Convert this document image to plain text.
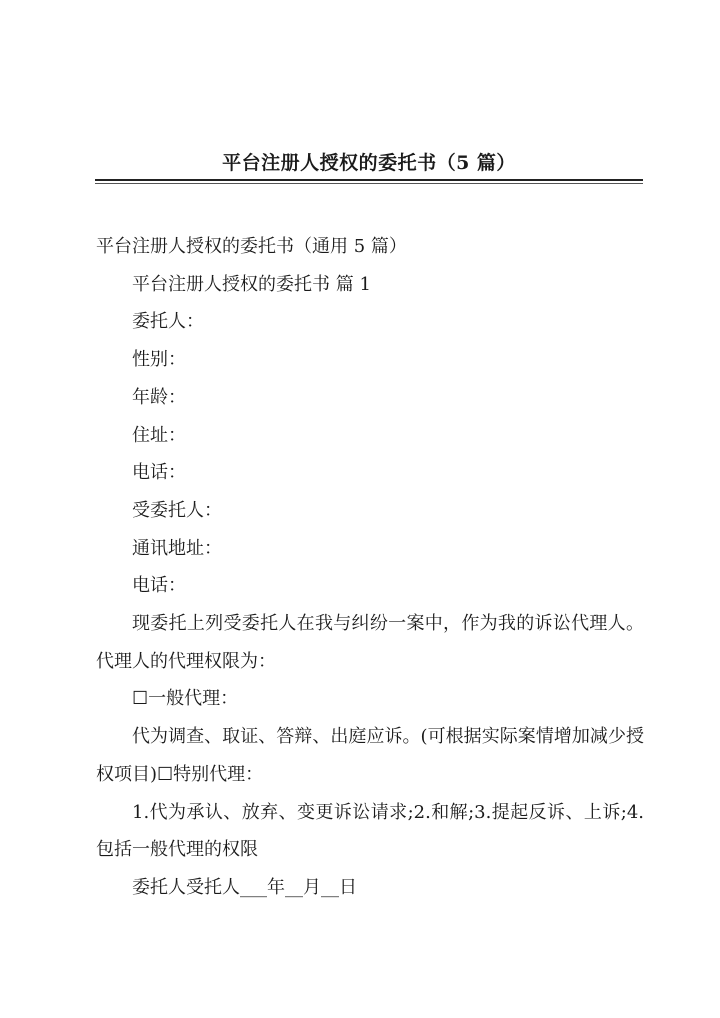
平台注册人授权的委托书（5 篇）

平台注册人授权的委托书（通用 5 篇）

平台注册人授权的委托书 篇 1

委托人：

性别：

年龄：

住址：

电话：

受委托人：

通讯地址：

电话：

现委托上列受委托人在我与纠纷一案中，作为我的诉讼代理人。代理人的代理权限为：

☐一般代理：

代为调查、取证、答辩、出庭应诉。(可根据实际案情增加减少授权项目)☐特别代理：

1.代为承认、放弃、变更诉讼请求;2.和解;3.提起反诉、上诉;4.包括一般代理的权限

委托人受托人___年__月__日
